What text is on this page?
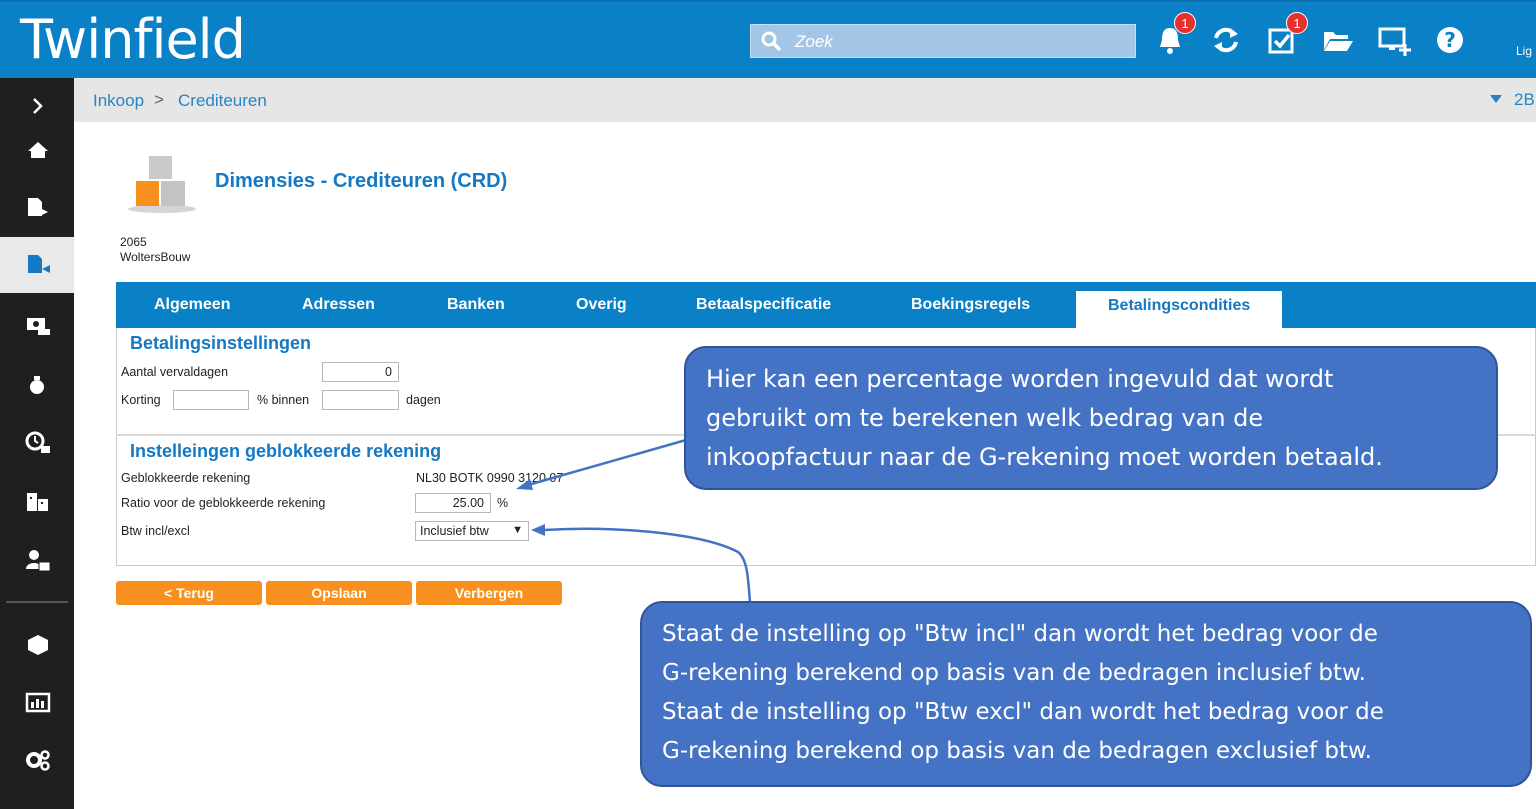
Twinfield	Zoek
1	1
?	Lig
Inkoop > Crediteuren	2B
Dimensies - Crediteuren (CRD)
2065
WoltersBouw
Algemeen	Adressen	Banken	Overig	Betaalspecificatie	Boekingsregels	Betalingscondities
Betalingsinstellingen
Aantal vervaldagen	0
Korting	% binnen	dagen
Instelleingen geblokkeerde rekening
Geblokkeerde rekening	NL30 BOTK 0990 3120 07
Ratio voor de geblokkeerde rekening	25.00	%
Btw incl/excl	Inclusief btw ▼
< Terug	Opslaan	Verbergen
Hier kan een percentage worden ingevuld dat wordt
gebruikt om te berekenen welk bedrag van de
inkoopfactuur naar de G-rekening moet worden betaald.
Staat de instelling op "Btw incl" dan wordt het bedrag voor de
G-rekening berekend op basis van de bedragen inclusief btw.
Staat de instelling op "Btw excl" dan wordt het bedrag voor de
G-rekening berekend op basis van de bedragen exclusief btw.
